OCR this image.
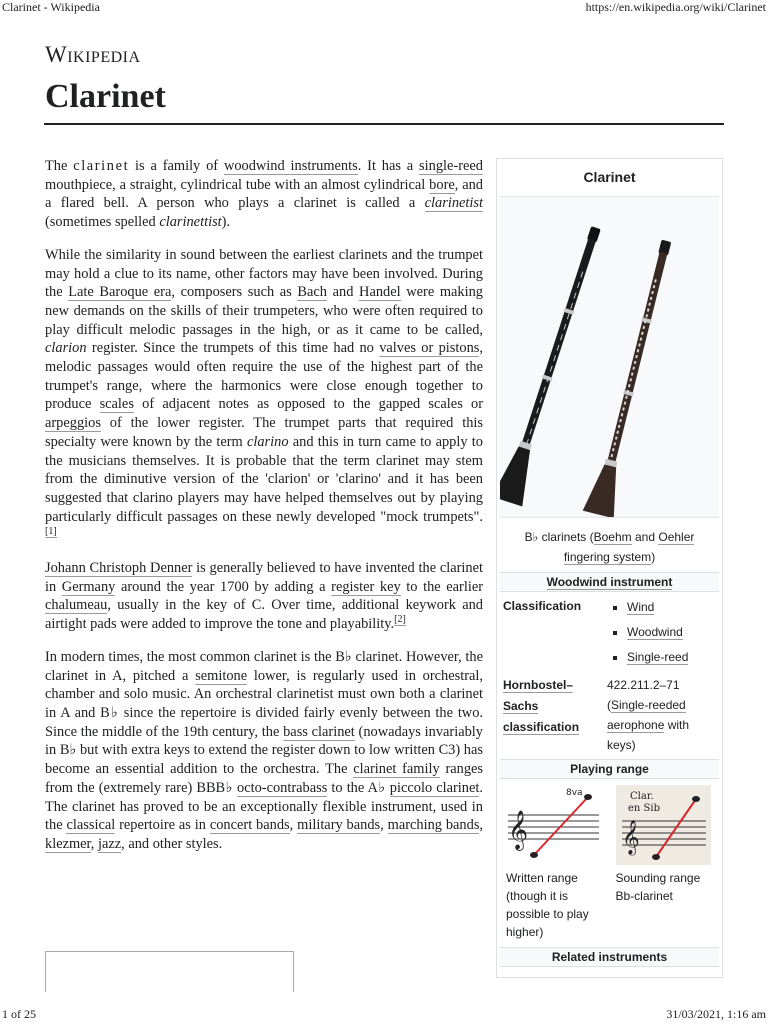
Clarinet - Wikipedia	https://en.wikipedia.org/wiki/Clarinet
1 of 25	31/03/2021, 1:16 am
Wikipedia
Clarinet

The clarinet is a family of woodwind instruments. It has a single-reed mouthpiece, a straight, cylindrical tube with an almost cylindrical bore, and a flared bell. A person who plays a clarinet is called a clarinetist (sometimes spelled clarinettist).

While the similarity in sound between the earliest clarinets and the trumpet may hold a clue to its name, other factors may have been involved. During the Late Baroque era, composers such as Bach and Handel were making new demands on the skills of their trumpeters, who were often required to play difficult melodic passages in the high, or as it came to be called, clarion register. Since the trumpets of this time had no valves or pistons, melodic passages would often require the use of the highest part of the trumpet's range, where the harmonics were close enough together to produce scales of adjacent notes as opposed to the gapped scales or arpeggios of the lower register. The trumpet parts that required this specialty were known by the term clarino and this in turn came to apply to the musicians themselves. It is probable that the term clarinet may stem from the diminutive version of the 'clarion' or 'clarino' and it has been suggested that clarino players may have helped themselves out by playing particularly difficult passages on these newly developed "mock trumpets".[1]

Johann Christoph Denner is generally believed to have invented the clarinet in Germany around the year 1700 by adding a register key to the earlier chalumeau, usually in the key of C. Over time, additional keywork and airtight pads were added to improve the tone and playability.[2]

In modern times, the most common clarinet is the B♭ clarinet. However, the clarinet in A, pitched a semitone lower, is regularly used in orchestral, chamber and solo music. An orchestral clarinetist must own both a clarinet in A and B♭ since the repertoire is divided fairly evenly between the two. Since the middle of the 19th century, the bass clarinet (nowadays invariably in B♭ but with extra keys to extend the register down to low written C3) has become an essential addition to the orchestra. The clarinet family ranges from the (extremely rare) BBB♭ octo-contrabass to the A♭ piccolo clarinet. The clarinet has proved to be an exceptionally flexible instrument, used in the classical repertoire as in concert bands, military bands, marching bands, klezmer, jazz, and other styles.

Clarinet
B♭ clarinets (Boehm and Oehler fingering system)
Woodwind instrument
Classification
▪	Wind
▪ Woodwind
▪ Single-reed
Hornbostel–Sachs classification
422.211.2–71
(Single-reeded aerophone with keys)
Playing range
𝄞
8va
Written range (though it is possible to play higher)
Clar.
en Sib
𝄞
Sounding range Bb-clarinet
Related instruments
